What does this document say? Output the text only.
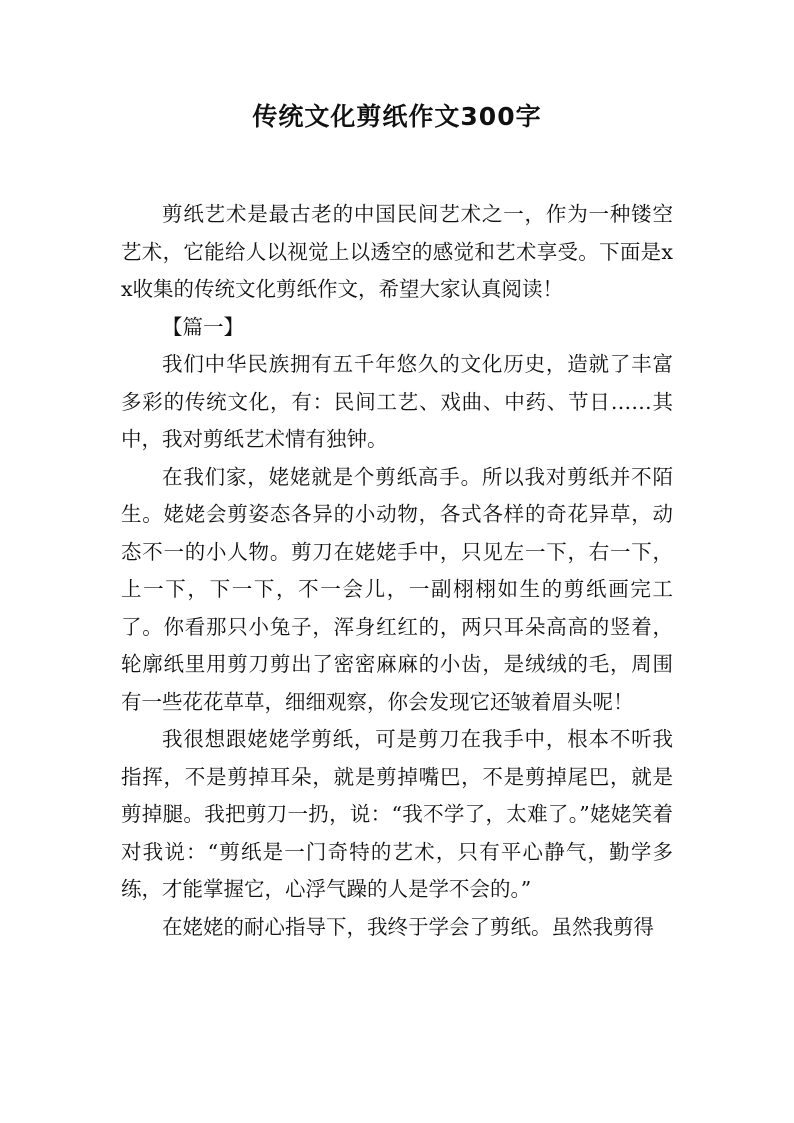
传统文化剪纸作文300字

剪纸艺术是最古老的中国民间艺术之一，作为一种镂空艺术，它能给人以视觉上以透空的感觉和艺术享受。下面是xx收集的传统文化剪纸作文，希望大家认真阅读！

【篇一】

我们中华民族拥有五千年悠久的文化历史，造就了丰富多彩的传统文化，有：民间工艺、戏曲、中药、节日……其中，我对剪纸艺术情有独钟。

在我们家，姥姥就是个剪纸高手。所以我对剪纸并不陌生。姥姥会剪姿态各异的小动物，各式各样的奇花异草，动态不一的小人物。剪刀在姥姥手中，只见左一下，右一下，上一下，下一下，不一会儿，一副栩栩如生的剪纸画完工了。你看那只小兔子，浑身红红的，两只耳朵高高的竖着，轮廓纸里用剪刀剪出了密密麻麻的小齿，是绒绒的毛，周围有一些花花草草，细细观察，你会发现它还皱着眉头呢！

我很想跟姥姥学剪纸，可是剪刀在我手中，根本不听我指挥，不是剪掉耳朵，就是剪掉嘴巴，不是剪掉尾巴，就是剪掉腿。我把剪刀一扔，说：“我不学了，太难了。”姥姥笑着对我说：“剪纸是一门奇特的艺术，只有平心静气，勤学多练，才能掌握它，心浮气躁的人是学不会的。”

在姥姥的耐心指导下，我终于学会了剪纸。虽然我剪得
